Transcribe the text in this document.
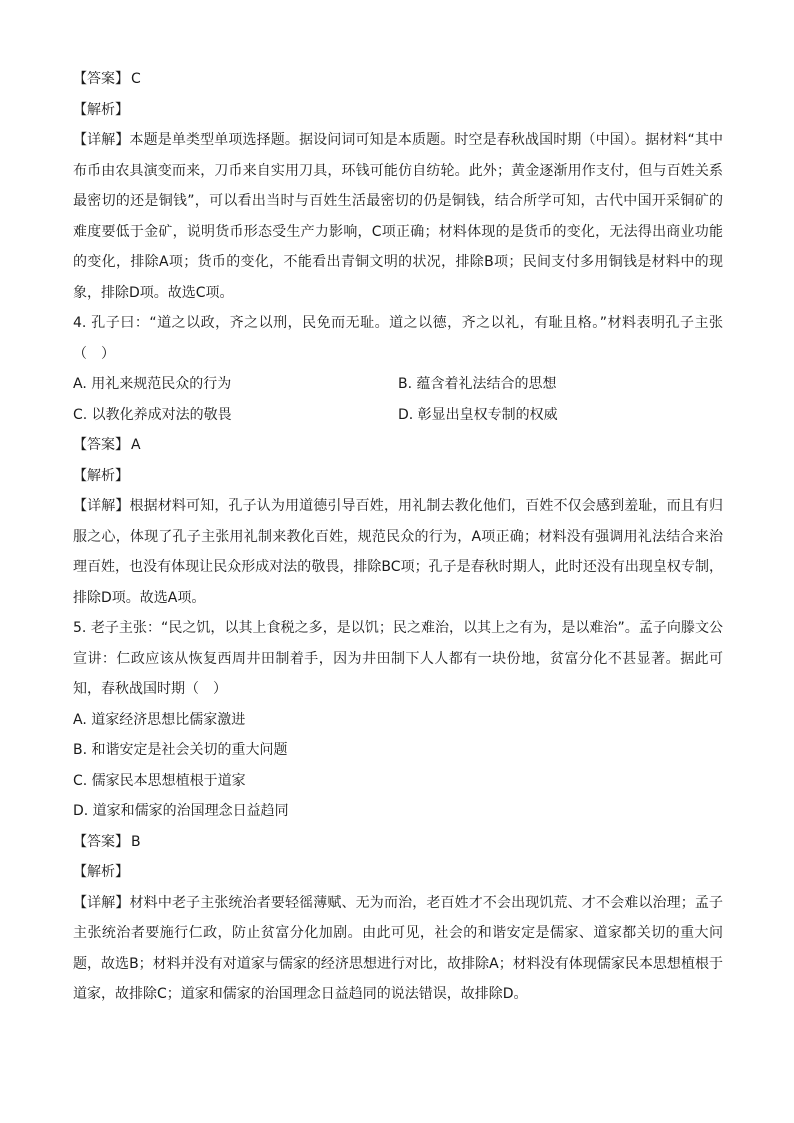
【答案】 C
【解析】
【详解】本题是单类型单项选择题。据设问词可知是本质题。时空是春秋战国时期（中国）。据材料“其中布币由农具演变而来，刀币来自实用刀具，环钱可能仿自纺轮。此外；黄金逐渐用作支付，但与百姓关系最密切的还是铜钱”，可以看出当时与百姓生活最密切的仍是铜钱，结合所学可知，古代中国开采铜矿的难度要低于金矿，说明货币形态受生产力影响，C项正确；材料体现的是货币的变化，无法得出商业功能的变化，排除A项；货币的变化，不能看出青铜文明的状况，排除B项；民间支付多用铜钱是材料中的现象，排除D项。故选C项。
4. 孔子曰：“道之以政，齐之以刑，民免而无耻。道之以德，齐之以礼，有耻且格。”材料表明孔子主张（　）
A. 用礼来规范民众的行为	B. 蕴含着礼法结合的思想
C. 以教化养成对法的敬畏	D. 彰显出皇权专制的权威
【答案】 A
【解析】
【详解】根据材料可知，孔子认为用道德引导百姓，用礼制去教化他们，百姓不仅会感到羞耻，而且有归服之心，体现了孔子主张用礼制来教化百姓，规范民众的行为，A项正确；材料没有强调用礼法结合来治理百姓，也没有体现让民众形成对法的敬畏，排除BC项；孔子是春秋时期人，此时还没有出现皇权专制，排除D项。故选A项。
5. 老子主张：“民之饥，以其上食税之多，是以饥；民之难治，以其上之有为，是以难治”。孟子向滕文公宣讲：仁政应该从恢复西周井田制着手，因为井田制下人人都有一块份地，贫富分化不甚显著。据此可知，春秋战国时期（　）
A. 道家经济思想比儒家激进
B. 和谐安定是社会关切的重大问题
C. 儒家民本思想植根于道家
D. 道家和儒家的治国理念日益趋同
【答案】 B
【解析】
【详解】材料中老子主张统治者要轻徭薄赋、无为而治，老百姓才不会出现饥荒、才不会难以治理；孟子主张统治者要施行仁政，防止贫富分化加剧。由此可见，社会的和谐安定是儒家、道家都关切的重大问题，故选B；材料并没有对道家与儒家的经济思想进行对比，故排除A；材料没有体现儒家民本思想植根于道家，故排除C；道家和儒家的治国理念日益趋同的说法错误，故排除D。
